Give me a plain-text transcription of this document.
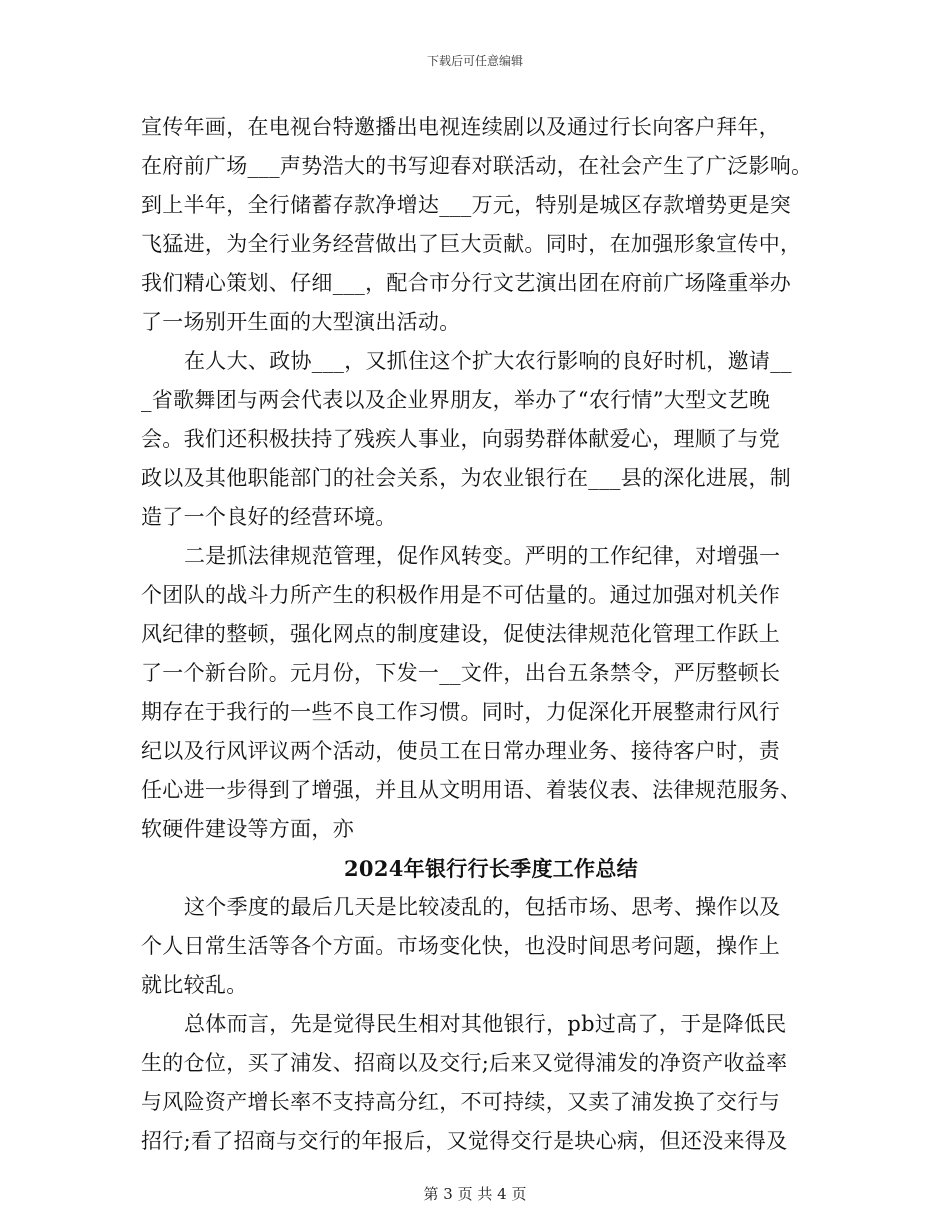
下载后可任意编辑
宣传年画，在电视台特邀播出电视连续剧以及通过行长向客户拜年，
在府前广场___声势浩大的书写迎春对联活动，在社会产生了广泛影响。
到上半年，全行储蓄存款净增达___万元，特别是城区存款增势更是突
飞猛进，为全行业务经营做出了巨大贡献。同时，在加强形象宣传中，
我们精心策划、仔细___，配合市分行文艺演出团在府前广场隆重举办
了一场别开生面的大型演出活动。
在人大、政协___，又抓住这个扩大农行影响的良好时机，邀请__
_省歌舞团与两会代表以及企业界朋友，举办了“农行情”大型文艺晚
会。我们还积极扶持了残疾人事业，向弱势群体献爱心，理顺了与党
政以及其他职能部门的社会关系，为农业银行在___县的深化进展，制
造了一个良好的经营环境。
二是抓法律规范管理，促作风转变。严明的工作纪律，对增强一
个团队的战斗力所产生的积极作用是不可估量的。通过加强对机关作
风纪律的整顿，强化网点的制度建设，促使法律规范化管理工作跃上
了一个新台阶。元月份，下发一__文件，出台五条禁令，严厉整顿长
期存在于我行的一些不良工作习惯。同时，力促深化开展整肃行风行
纪以及行风评议两个活动，使员工在日常办理业务、接待客户时，责
任心进一步得到了增强，并且从文明用语、着装仪表、法律规范服务、
软硬件建设等方面，亦
2024年银行行长季度工作总结
这个季度的最后几天是比较凌乱的，包括市场、思考、操作以及
个人日常生活等各个方面。市场变化快，也没时间思考问题，操作上
就比较乱。
总体而言，先是觉得民生相对其他银行，pb过高了，于是降低民
生的仓位，买了浦发、招商以及交行;后来又觉得浦发的净资产收益率
与风险资产增长率不支持高分红，不可持续，又卖了浦发换了交行与
招行;看了招商与交行的年报后，又觉得交行是块心病，但还没来得及
第 3 页 共 4 页
